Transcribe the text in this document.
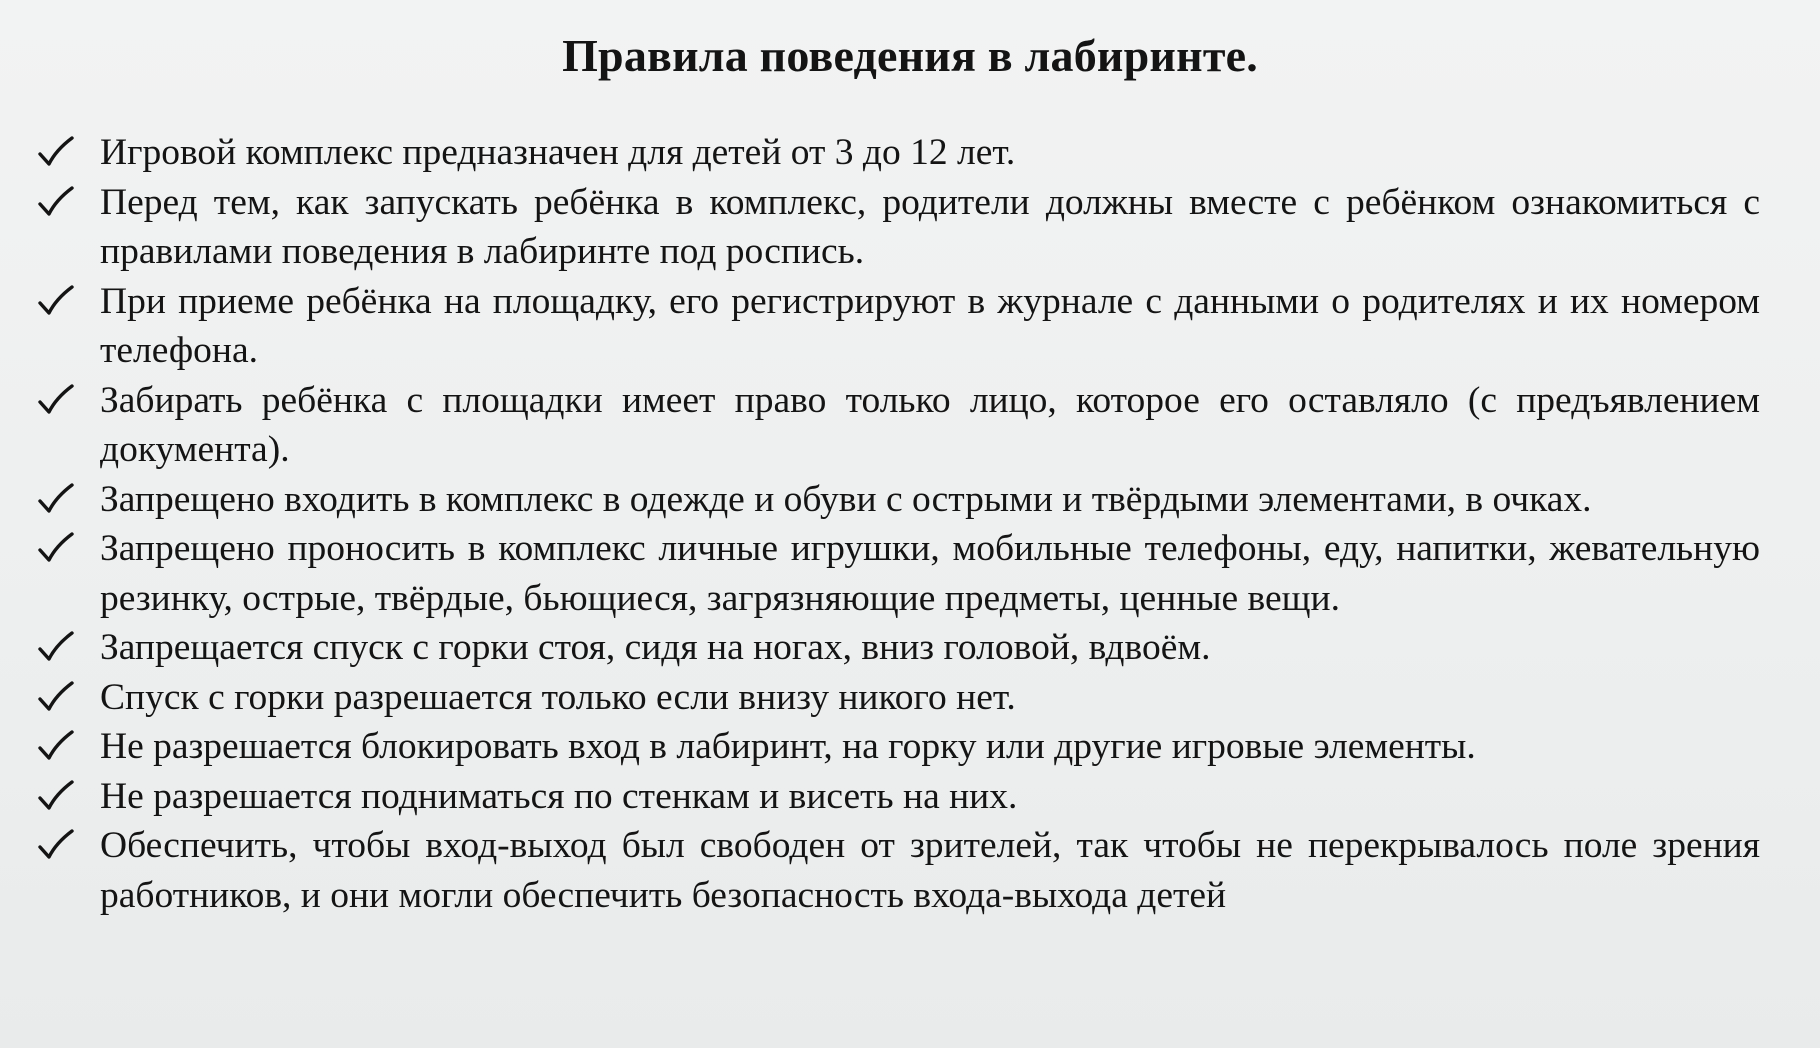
Правила поведения в лабиринте.
Игровой комплекс предназначен для детей от 3 до 12 лет.
Перед тем, как запускать ребёнка в комплекс, родители должны вместе с ребёнком ознакомиться с правилами поведения в лабиринте под роспись.
При приеме ребёнка на площадку, его регистрируют в журнале с данными о родителях и их номером телефона.
Забирать ребёнка с площадки имеет право только лицо, которое его оставляло (с предъявлением документа).
Запрещено входить в комплекс в одежде и обуви с острыми и твёрдыми элементами, в очках.
Запрещено проносить в комплекс личные игрушки, мобильные телефоны, еду, напитки, жевательную резинку, острые, твёрдые, бьющиеся, загрязняющие предметы, ценные вещи.
Запрещается спуск с горки стоя, сидя на ногах, вниз головой, вдвоём.
Спуск с горки разрешается только если внизу никого нет.
Не разрешается блокировать вход в лабиринт, на горку или другие игровые элементы.
Не разрешается подниматься по стенкам и висеть на них.
Обеспечить, чтобы вход-выход был свободен от зрителей, так чтобы не перекрывалось поле зрения работников, и они могли обеспечить безопасность входа-выхода детей
